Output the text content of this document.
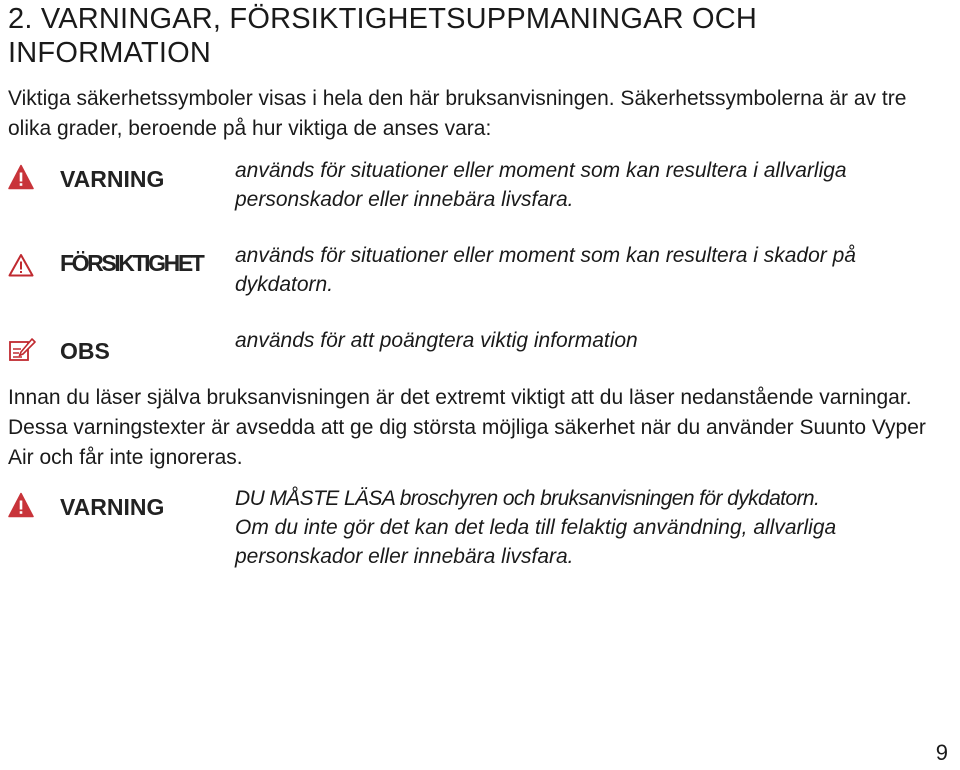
2. VARNINGAR, FÖRSIKTIGHETSUPPMANINGAR OCH INFORMATION

Viktiga säkerhetssymboler visas i hela den här bruksanvisningen. Säkerhetssymbolerna är av tre olika grader, beroende på hur viktiga de anses vara:

VARNING	används för situationer eller moment som kan resultera i allvarliga personskador eller innebära livsfara.
FÖRSIKTIGHET används för situationer eller moment som kan resultera i skador på dykdatorn.
OBS	används för att poängtera viktig information

Innan du läser själva bruksanvisningen är det extremt viktigt att du läser nedanstående varningar. Dessa varningstexter är avsedda att ge dig största möjliga säkerhet när du använder Suunto Vyper Air och får inte ignoreras.

VARNING	DU MÅSTE LÄSA broschyren och bruksanvisningen för dykdatorn.
Om du inte gör det kan det leda till felaktig användning, allvarliga personskador eller innebära livsfara.
9
